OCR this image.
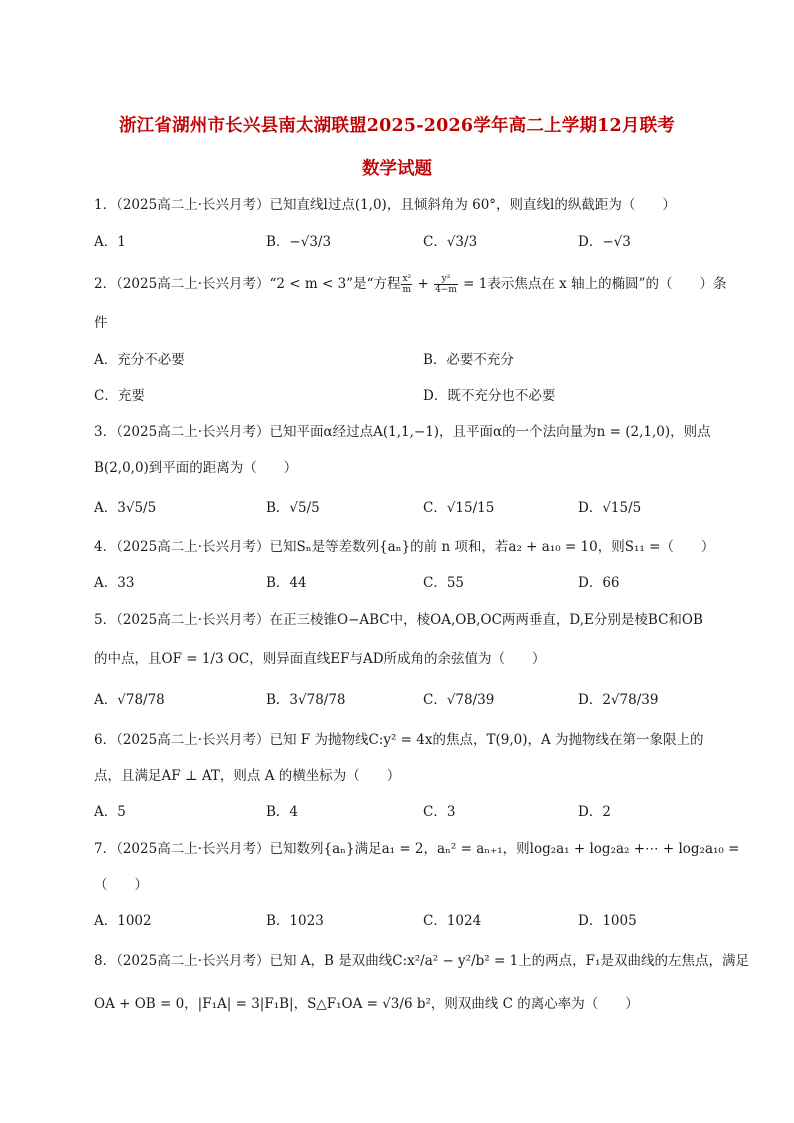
浙江省湖州市长兴县南太湖联盟2025-2026学年高二上学期12月联考
数学试题
1．（2025高二上·长兴月考）已知直线l过点(1,0)，且倾斜角为 60°，则直线l的纵截距为（　　）
A．1	B．−√3/3	C．√3/3	D．−√3
2．（2025高二上·长兴月考）“2 < m < 3”是“方程 $\frac{\text{x²}}{m} + \frac{\text{y²}}{4-m} = 1$表示焦点在 x 轴上的椭圆”的（　　）条
件
A．充分不必要	B．必要不充分
C．充要	D．既不充分也不必要
3．（2025高二上·长兴月考）已知平面α经过点A(1,1,−1)，且平面α的一个法向量为n = (2,1,0)，则点
B(2,0,0)到平面的距离为（　　）
A．3√5/5	B．√5/5	C．√15/15	D．√15/5
4．（2025高二上·长兴月考）已知Sₙ是等差数列{aₙ}的前 n 项和，若a₂ + a₁₀ = 10，则S₁₁ =（　　）
A．33	B．44	C．55	D．66
5．（2025高二上·长兴月考）在正三棱锥O−ABC中，棱OA,OB,OC两两垂直，D,E分别是棱BC和OB
的中点，且OF = 1/3 OC，则异面直线EF与AD所成角的余弦值为（　　）
A．√78/78	B．3√78/78	C．√78/39	D．2√78/39
6．（2025高二上·长兴月考）已知 F 为抛物线C:y² = 4x的焦点，T(9,0)，A 为抛物线在第一象限上的
点，且满足AF ⊥ AT，则点 A 的横坐标为（　　）
A．5	B．4	C．3	D．2
7．（2025高二上·长兴月考）已知数列{aₙ}满足a₁ = 2，aₙ² = aₙ₊₁，则log₂a₁ + log₂a₂ +⋯ + log₂a₁₀ =
（　　）
A．1002	B．1023	C．1024	D．1005
8．（2025高二上·长兴月考）已知 A，B 是双曲线C:x²/a² − y²/b² = 1上的两点，F₁是双曲线的左焦点，满足
OA + OB = 0，|F₁A| = 3|F₁B|，S△F₁OA = √3/6 b²，则双曲线 C 的离心率为（　　）
